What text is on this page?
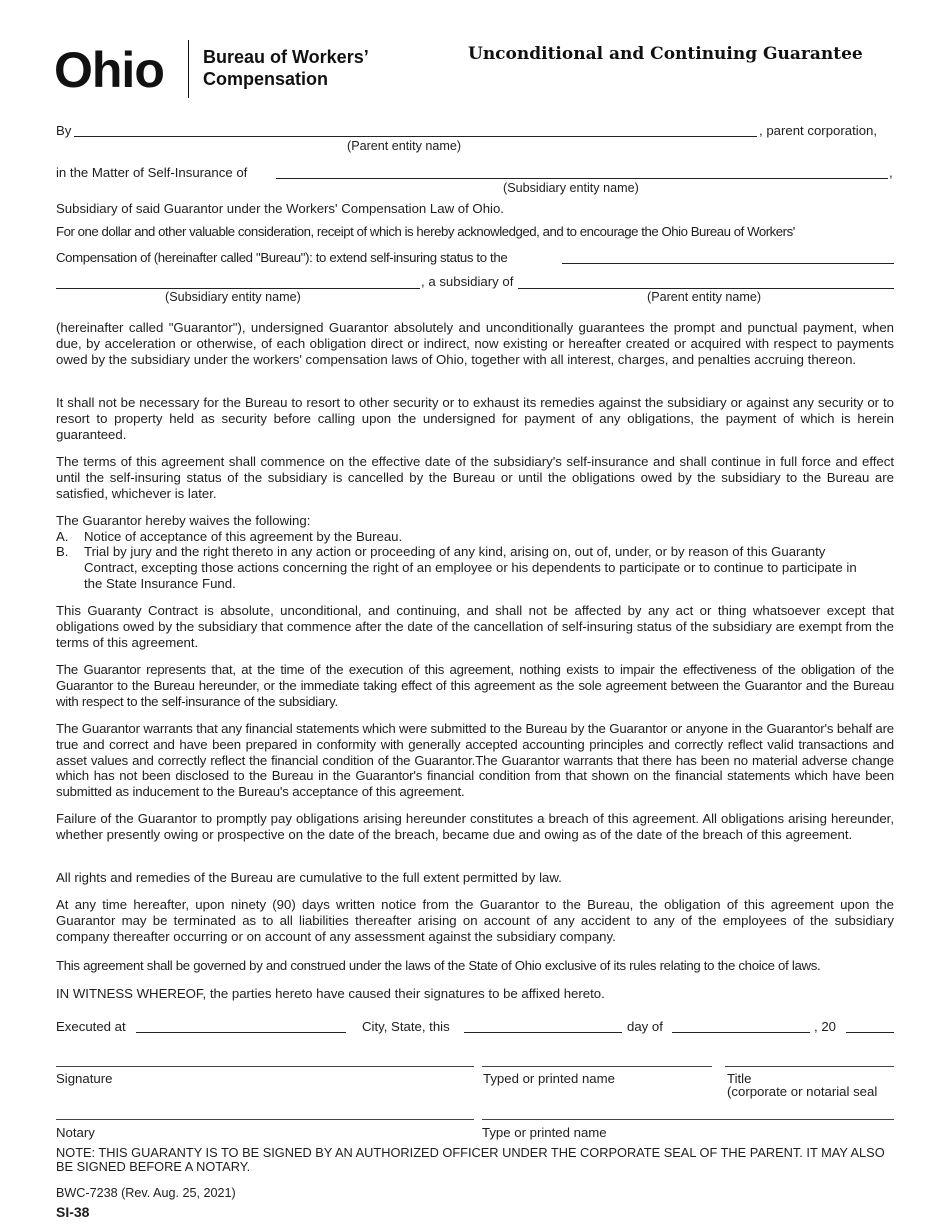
Ohio Bureau of Workers’
Compensation
Unconditional and Continuing Guarantee
By	, parent corporation,
(Parent entity name)
in the Matter of Self-Insurance of	,
(Subsidiary entity name)
Subsidiary of said Guarantor under the Workers' Compensation Law of Ohio.
For one dollar and other valuable consideration, receipt of which is hereby acknowledged, and to encourage the Ohio Bureau of Workers'
Compensation of (hereinafter called "Bureau"): to extend self-insuring status to the
, a subsidiary of
(Subsidiary entity name)	(Parent entity name)
(hereinafter called "Guarantor"), undersigned Guarantor absolutely and unconditionally guarantees the prompt and punctual payment, when due, by acceleration or otherwise, of each obligation direct or indirect, now existing or hereafter created or acquired with respect to payments owed by the subsidiary under the workers' compensation laws of Ohio, together with all interest, charges, and penalties accruing thereon.
It shall not be necessary for the Bureau to resort to other security or to exhaust its remedies against the subsidiary or against any security or to resort to property held as security before calling upon the undersigned for payment of any obligations, the payment of which is herein guaranteed.
The terms of this agreement shall commence on the effective date of the subsidiary's self-insurance and shall continue in full force and effect until the self-insuring status of the subsidiary is cancelled by the Bureau or until the obligations owed by the subsidiary to the Bureau are satisfied, whichever is later.
The Guarantor hereby waives the following:
A. Notice of acceptance of this agreement by the Bureau.
B. Trial by jury and the right thereto in any action or proceeding of any kind, arising on, out of, under, or by reason of this Guaranty Contract, excepting those actions concerning the right of an employee or his dependents to participate or to continue to participate in the State Insurance Fund.
This Guaranty Contract is absolute, unconditional, and continuing, and shall not be affected by any act or thing whatsoever except that obligations owed by the subsidiary that commence after the date of the cancellation of self-insuring status of the subsidiary are exempt from the terms of this agreement.
The Guarantor represents that, at the time of the execution of this agreement, nothing exists to impair the effectiveness of the obligation of the Guarantor to the Bureau hereunder, or the immediate taking effect of this agreement as the sole agreement between the Guarantor and the Bureau with respect to the self-insurance of the subsidiary.
The Guarantor warrants that any financial statements which were submitted to the Bureau by the Guarantor or anyone in the Guarantor's behalf are true and correct and have been prepared in conformity with generally accepted accounting principles and correctly reflect valid transactions and asset values and correctly reflect the financial condition of the Guarantor.The Guarantor warrants that there has been no material adverse change which has not been disclosed to the Bureau in the Guarantor's financial condition from that shown on the financial statements which have been submitted as inducement to the Bureau's acceptance of this agreement.
Failure of the Guarantor to promptly pay obligations arising hereunder constitutes a breach of this agreement. All obligations arising hereunder, whether presently owing or prospective on the date of the breach, became due and owing as of the date of the breach of this agreement.
All rights and remedies of the Bureau are cumulative to the full extent permitted by law.
At any time hereafter, upon ninety (90) days written notice from the Guarantor to the Bureau, the obligation of this agreement upon the Guarantor may be terminated as to all liabilities thereafter arising on account of any accident to any of the employees of the subsidiary company thereafter occurring or on account of any assessment against the subsidiary company.
This agreement shall be governed by and construed under the laws of the State of Ohio exclusive of its rules relating to the choice of laws.
IN WITNESS WHEREOF, the parties hereto have caused their signatures to be affixed hereto.
Executed at	City, State, this	day of	, 20
Signature	Typed or printed name	Title
(corporate or notarial seal
Notary	Type or printed name
NOTE: THIS GUARANTY IS TO BE SIGNED BY AN AUTHORIZED OFFICER UNDER THE CORPORATE SEAL OF THE PARENT. IT MAY ALSO BE SIGNED BEFORE A NOTARY.
BWC-7238 (Rev. Aug. 25, 2021)
SI-38
